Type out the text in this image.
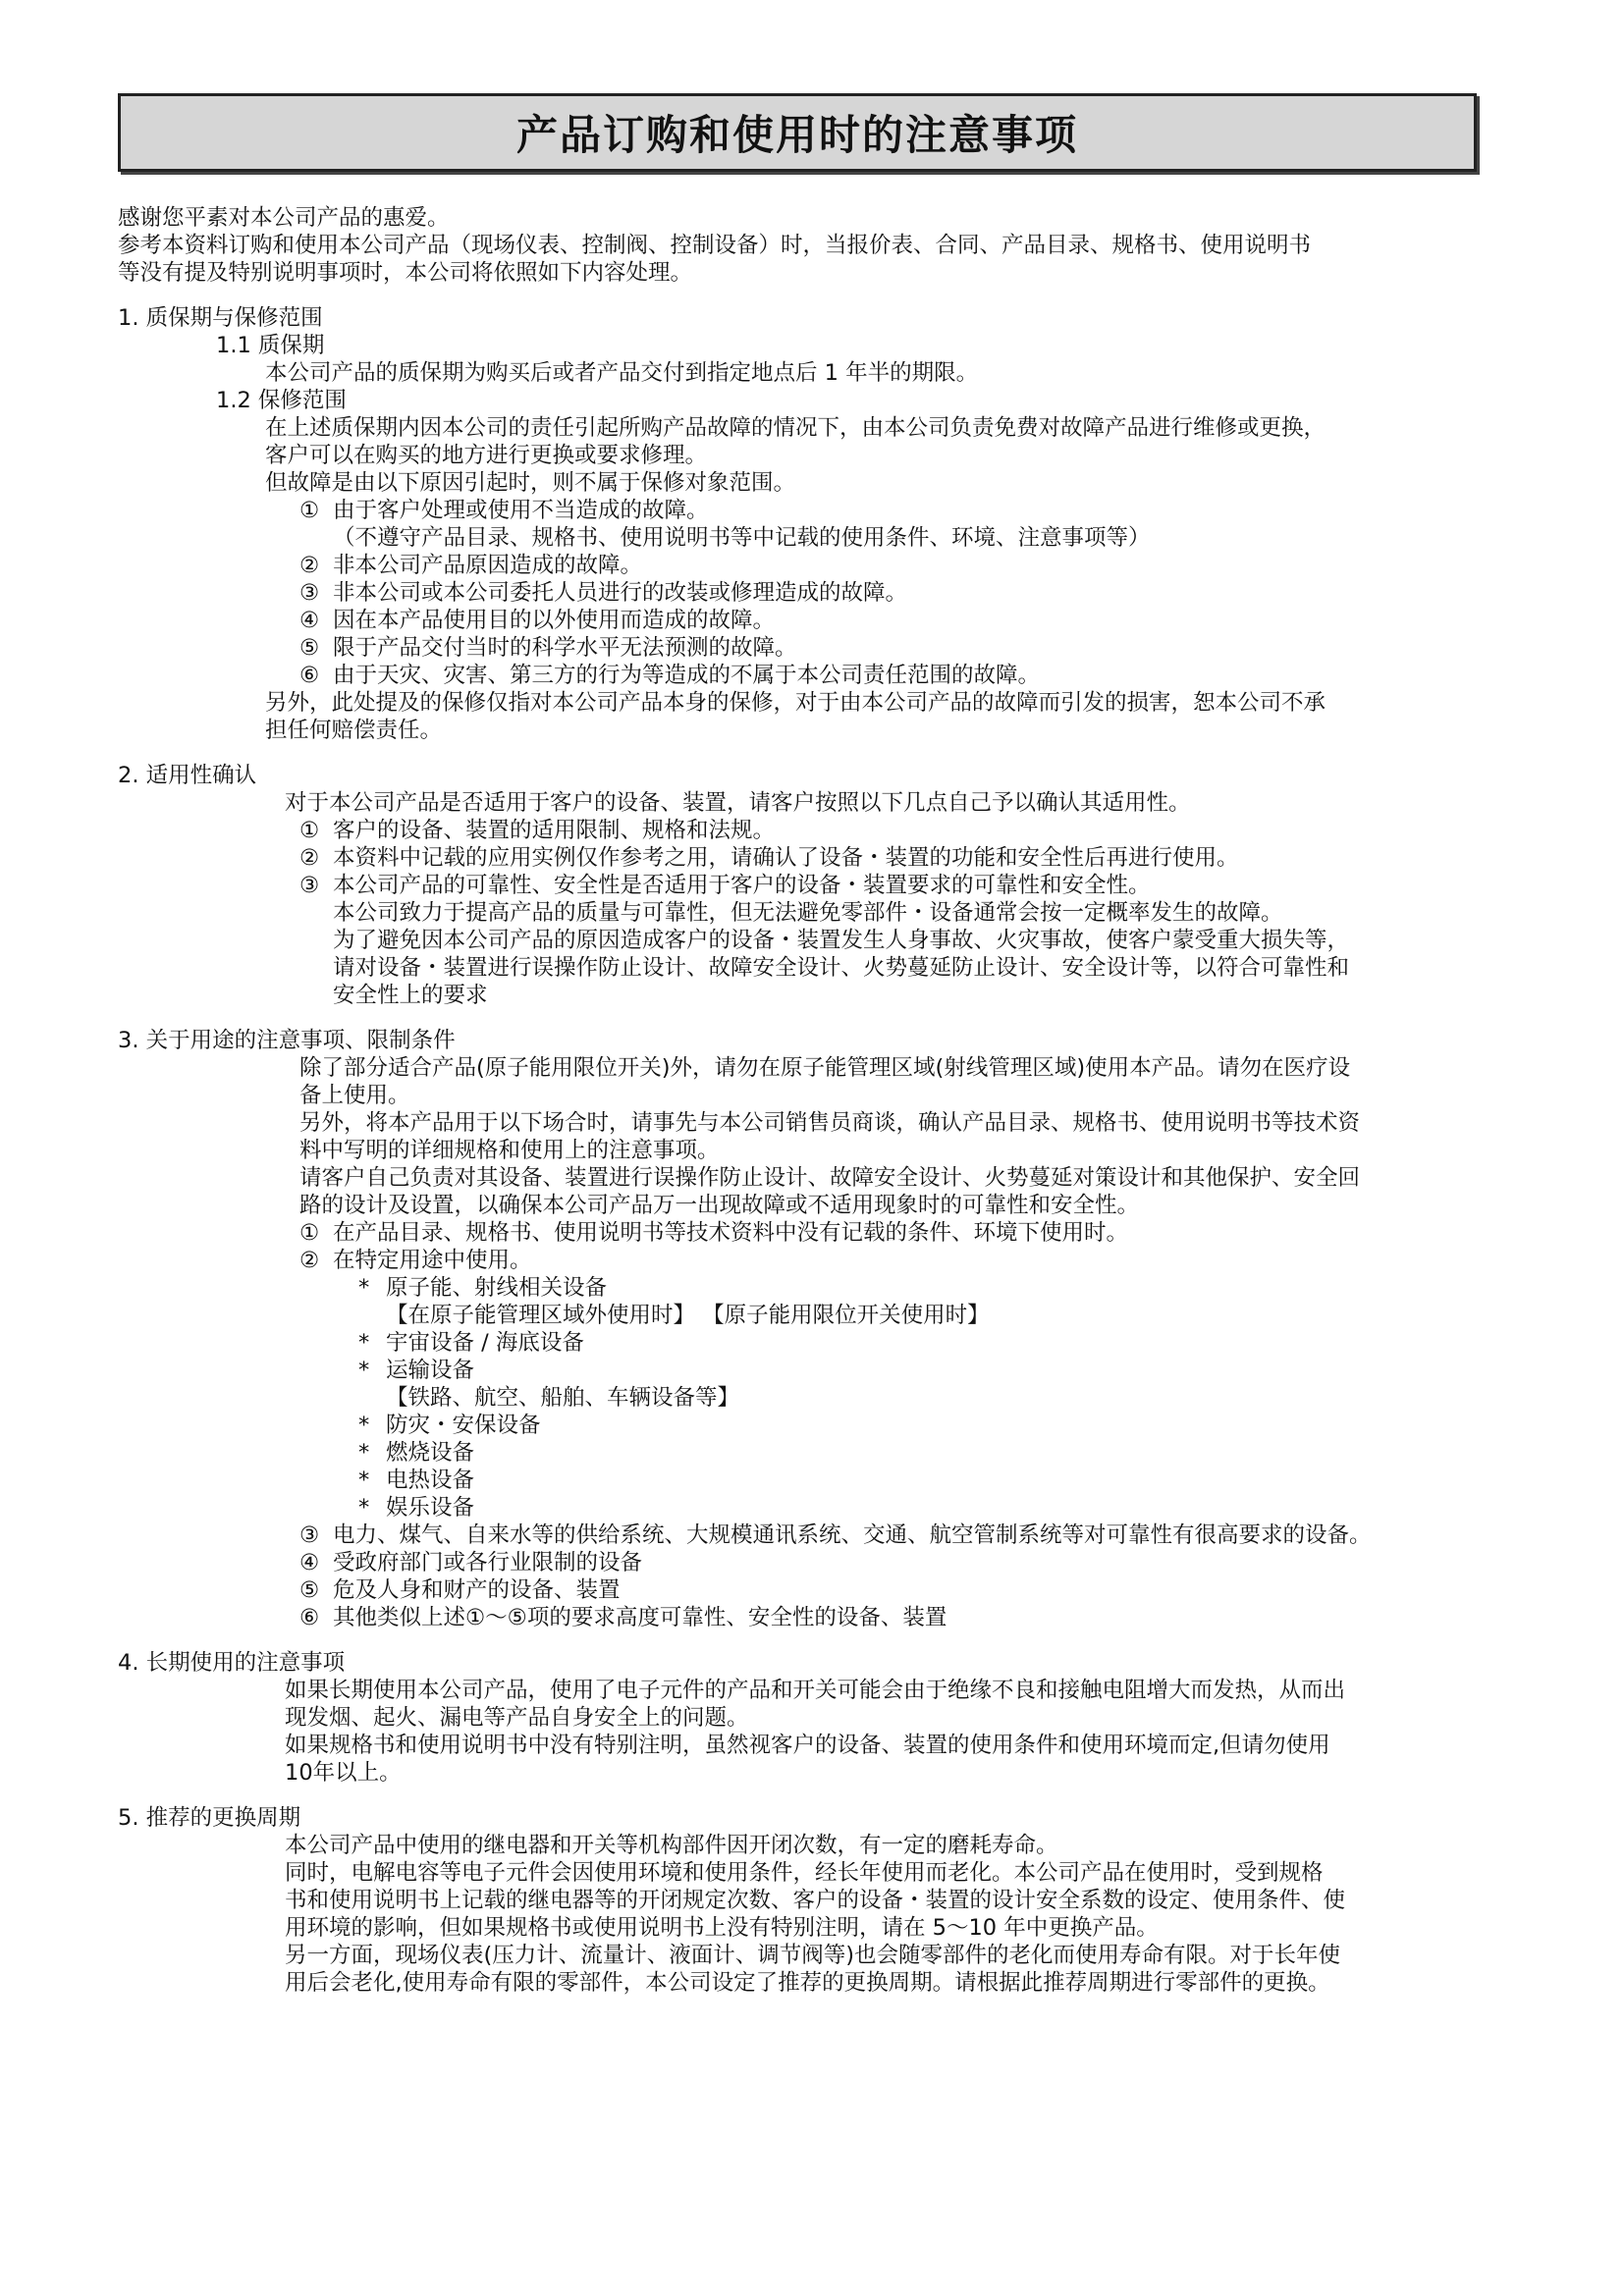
产品订购和使用时的注意事项

感谢您平素对本公司产品的惠爱。

参考本资料订购和使用本公司产品（现场仪表、控制阀、控制设备）时，当报价表、合同、产品目录、规格书、使用说明书

等没有提及特别说明事项时，本公司将依照如下内容处理。

1. 质保期与保修范围

1.1 质保期

本公司产品的质保期为购买后或者产品交付到指定地点后 1 年半的期限。

1.2 保修范围

在上述质保期内因本公司的责任引起所购产品故障的情况下，由本公司负责免费对故障产品进行维修或更换，

客户可以在购买的地方进行更换或要求修理。

但故障是由以下原因引起时，则不属于保修对象范围。

① 由于客户处理或使用不当造成的故障。
（不遵守产品目录、规格书、使用说明书等中记载的使用条件、环境、注意事项等）
② 非本公司产品原因造成的故障。
③ 非本公司或本公司委托人员进行的改装或修理造成的故障。
④ 因在本产品使用目的以外使用而造成的故障。
⑤ 限于产品交付当时的科学水平无法预测的故障。
⑥ 由于天灾、灾害、第三方的行为等造成的不属于本公司责任范围的故障。

另外，此处提及的保修仅指对本公司产品本身的保修，对于由本公司产品的故障而引发的损害，恕本公司不承

担任何赔偿责任。

2. 适用性确认

对于本公司产品是否适用于客户的设备、装置，请客户按照以下几点自己予以确认其适用性。

① 客户的设备、装置的适用限制、规格和法规。
② 本资料中记载的应用实例仅作参考之用，请确认了设备・装置的功能和安全性后再进行使用。
③ 本公司产品的可靠性、安全性是否适用于客户的设备・装置要求的可靠性和安全性。
本公司致力于提高产品的质量与可靠性，但无法避免零部件・设备通常会按一定概率发生的故障。
为了避免因本公司产品的原因造成客户的设备・装置发生人身事故、火灾事故，使客户蒙受重大损失等，
请对设备・装置进行误操作防止设计、故障安全设计、火势蔓延防止设计、安全设计等，以符合可靠性和
安全性上的要求

3. 关于用途的注意事项、限制条件

除了部分适合产品(原子能用限位开关)外，请勿在原子能管理区域(射线管理区域)使用本产品。请勿在医疗设

备上使用。

另外，将本产品用于以下场合时，请事先与本公司销售员商谈，确认产品目录、规格书、使用说明书等技术资

料中写明的详细规格和使用上的注意事项。

请客户自己负责对其设备、装置进行误操作防止设计、故障安全设计、火势蔓延对策设计和其他保护、安全回

路的设计及设置，以确保本公司产品万一出现故障或不适用现象时的可靠性和安全性。

① 在产品目录、规格书、使用说明书等技术资料中没有记载的条件、环境下使用时。
② 在特定用途中使用。
* 原子能、射线相关设备
【在原子能管理区域外使用时】 【原子能用限位开关使用时】
* 宇宙设备 / 海底设备
* 运输设备
【铁路、航空、船舶、车辆设备等】
* 防灾・安保设备
* 燃烧设备
* 电热设备
* 娱乐设备
③ 电力、煤气、自来水等的供给系统、大规模通讯系统、交通、航空管制系统等对可靠性有很高要求的设备。
④ 受政府部门或各行业限制的设备
⑤ 危及人身和财产的设备、装置
⑥ 其他类似上述①～⑤项的要求高度可靠性、安全性的设备、装置

4. 长期使用的注意事项

如果长期使用本公司产品，使用了电子元件的产品和开关可能会由于绝缘不良和接触电阻增大而发热，从而出

现发烟、起火、漏电等产品自身安全上的问题。

如果规格书和使用说明书中没有特别注明，虽然视客户的设备、装置的使用条件和使用环境而定,但请勿使用

10年以上。

5. 推荐的更换周期

本公司产品中使用的继电器和开关等机构部件因开闭次数，有一定的磨耗寿命。

同时，电解电容等电子元件会因使用环境和使用条件，经长年使用而老化。本公司产品在使用时，受到规格

书和使用说明书上记载的继电器等的开闭规定次数、客户的设备・装置的设计安全系数的设定、使用条件、使

用环境的影响，但如果规格书或使用说明书上没有特别注明，请在 5～10 年中更换产品。

另一方面，现场仪表(压力计、流量计、液面计、调节阀等)也会随零部件的老化而使用寿命有限。对于长年使

用后会老化,使用寿命有限的零部件，本公司设定了推荐的更换周期。请根据此推荐周期进行零部件的更换。
